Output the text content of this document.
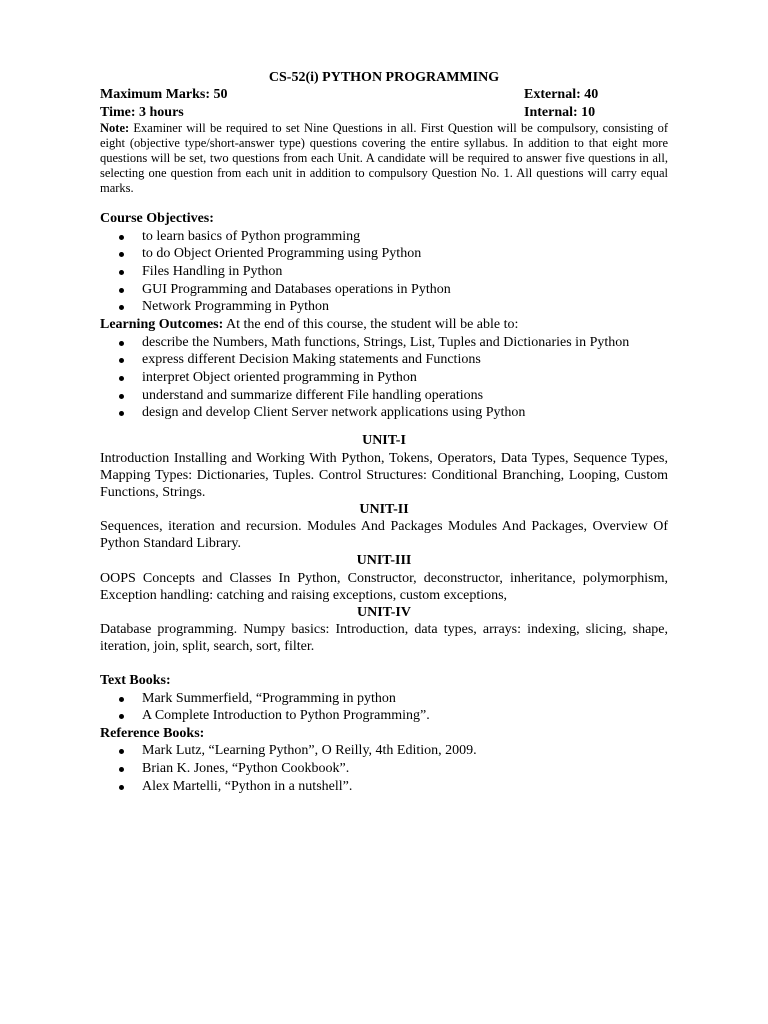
CS-52(i) PYTHON PROGRAMMING

Maximum Marks: 50	External: 40
Time: 3 hours	Internal: 10

Note: Examiner will be required to set Nine Questions in all. First Question will be compulsory, consisting of eight (objective type/short-answer type) questions covering the entire syllabus. In addition to that eight more questions will be set, two questions from each Unit. A candidate will be required to answer five questions in all, selecting one question from each unit in addition to compulsory Question No. 1. All questions will carry equal marks.

Course Objectives:

to learn basics of Python programming
to do Object Oriented Programming using Python
Files Handling in Python
GUI Programming and Databases operations in Python
Network Programming in Python

Learning Outcomes: At the end of this course, the student will be able to:

describe the Numbers, Math functions, Strings, List, Tuples and Dictionaries in Python
express different Decision Making statements and Functions
interpret Object oriented programming in Python
understand and summarize different File handling operations
design and develop Client Server network applications using Python

UNIT-I

Introduction Installing and Working With Python, Tokens, Operators, Data Types, Sequence Types, Mapping Types: Dictionaries, Tuples. Control Structures: Conditional Branching, Looping, Custom Functions, Strings.

UNIT-II

Sequences, iteration and recursion. Modules And Packages Modules And Packages, Overview Of Python Standard Library.

UNIT-III

OOPS Concepts and Classes In Python, Constructor, deconstructor, inheritance, polymorphism, Exception handling: catching and raising exceptions, custom exceptions,

UNIT-IV

Database programming. Numpy basics: Introduction, data types, arrays: indexing, slicing, shape, iteration, join, split, search, sort, filter.

Text Books:

Mark Summerfield, “Programming in python
A Complete Introduction to Python Programming”.

Reference Books:

Mark Lutz, “Learning Python”, O Reilly, 4th Edition, 2009.
Brian K. Jones, “Python Cookbook”.
Alex Martelli, “Python in a nutshell”.
